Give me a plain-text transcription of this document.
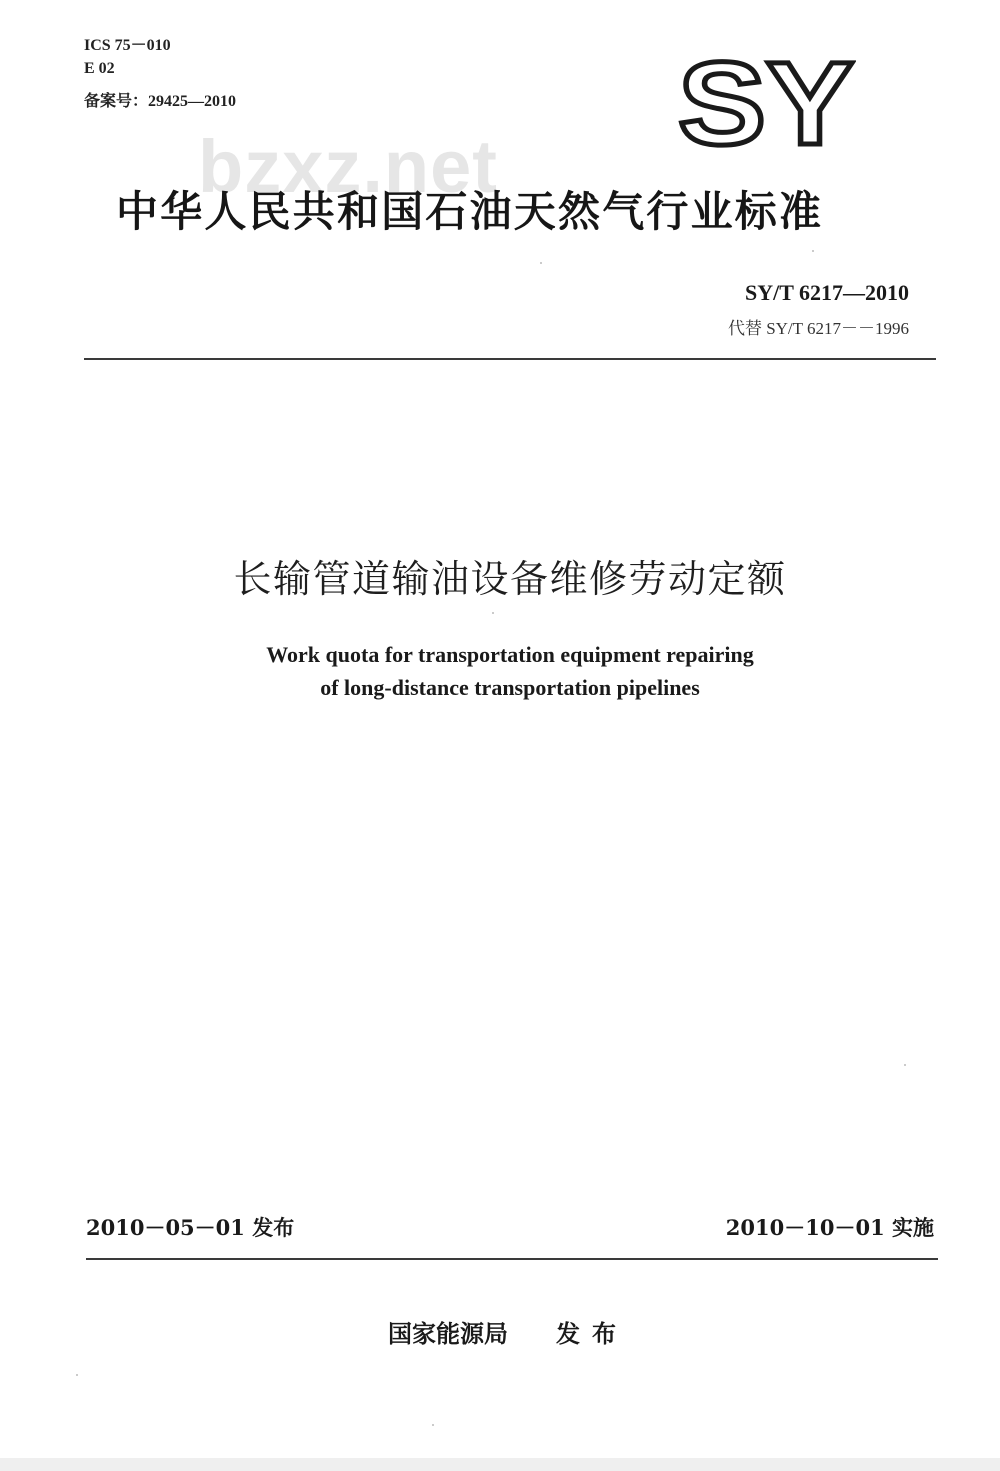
ICS 75－010
E 02
备案号：29425—2010	SY
bzxz.net
中华人民共和国石油天然气行业标准
SY/T 6217—2010
代替 SY/T 6217－－1996
长输管道输油设备维修劳动定额
Work quota for transportation equipment repairing
of long-distance transportation pipelines
2010－05－01 发布	2010－10－01 实施
国家能源局 发布
